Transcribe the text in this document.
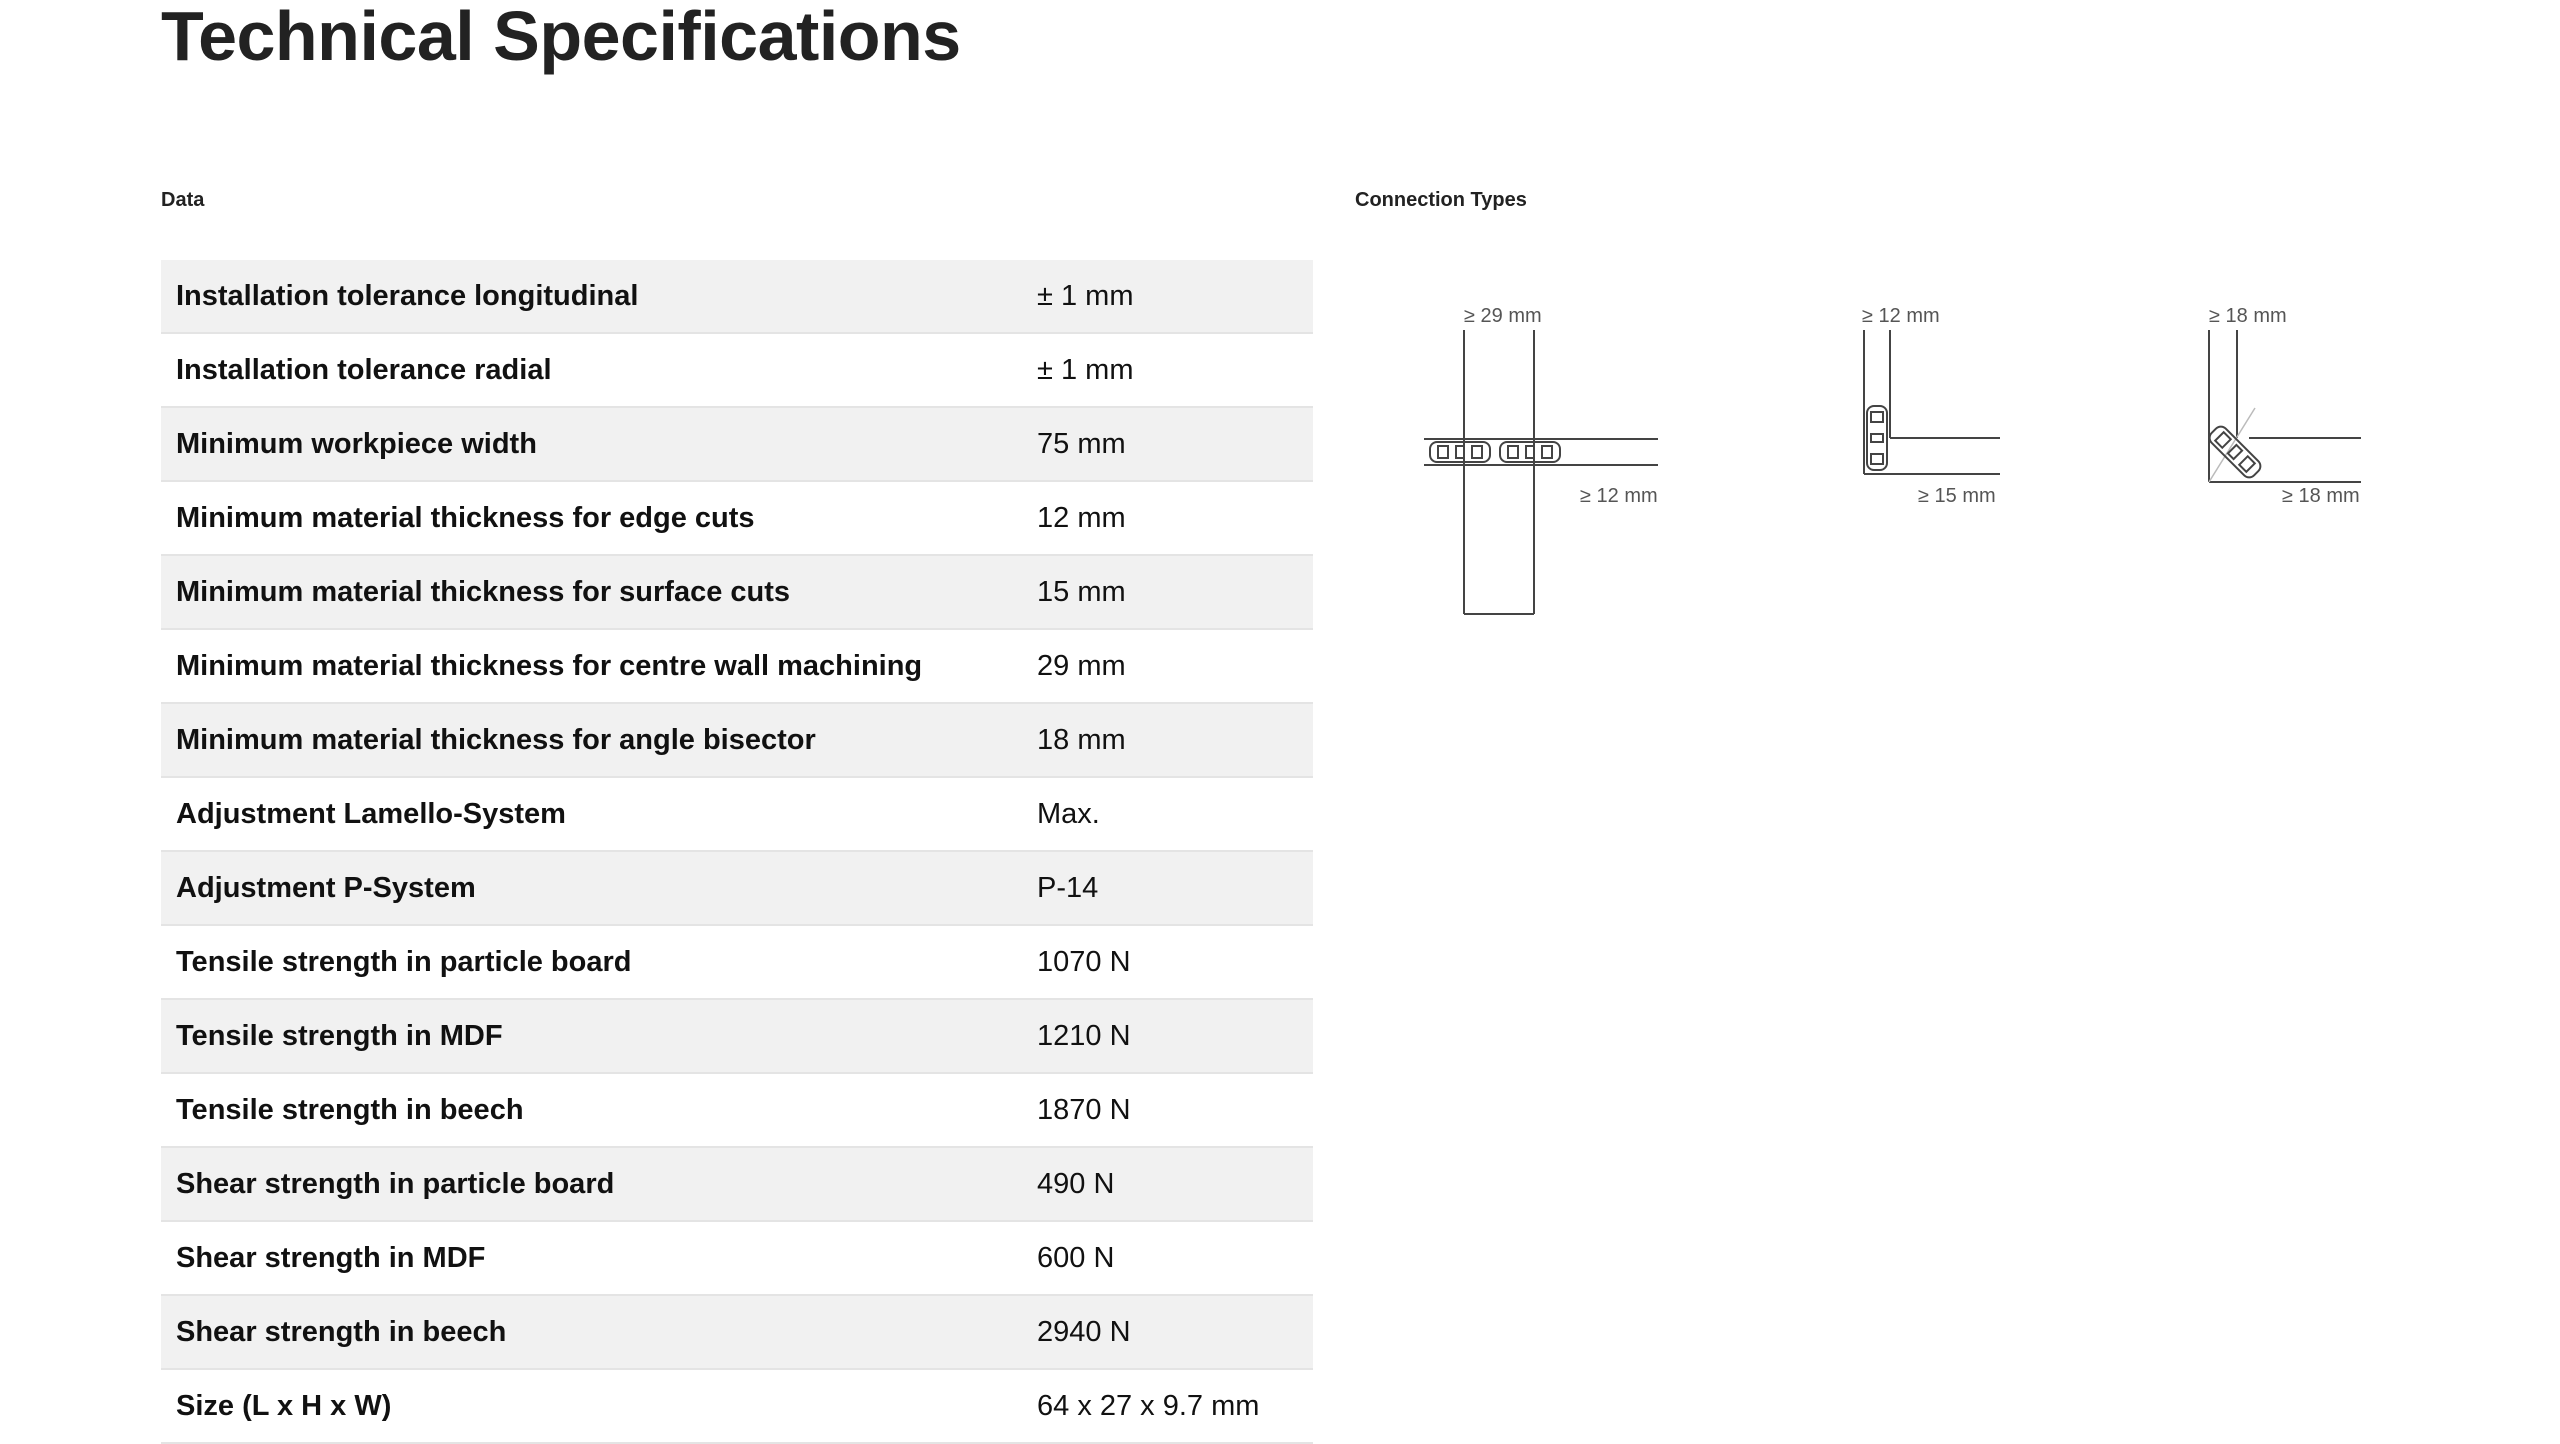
Technical Specifications
Data	Connection Types
Installation tolerance longitudinal	± 1 mm
Installation tolerance radial	± 1 mm
Minimum workpiece width	75 mm
Minimum material thickness for edge cuts	12 mm
Minimum material thickness for surface cuts	15 mm
Minimum material thickness for centre wall machining	29 mm
Minimum material thickness for angle bisector	18 mm
Adjustment Lamello-System	Max.
Adjustment P-System	P-14
Tensile strength in particle board	1070 N
Tensile strength in MDF	1210 N
Tensile strength in beech	1870 N
Shear strength in particle board	490 N
Shear strength in MDF	600 N
Shear strength in beech	2940 N
Size (L x H x W)	64 x 27 x 9.7 mm
≥ 29 mm
≥ 12 mm
≥ 12 mm
≥ 15 mm
≥ 18 mm
≥ 18 mm
